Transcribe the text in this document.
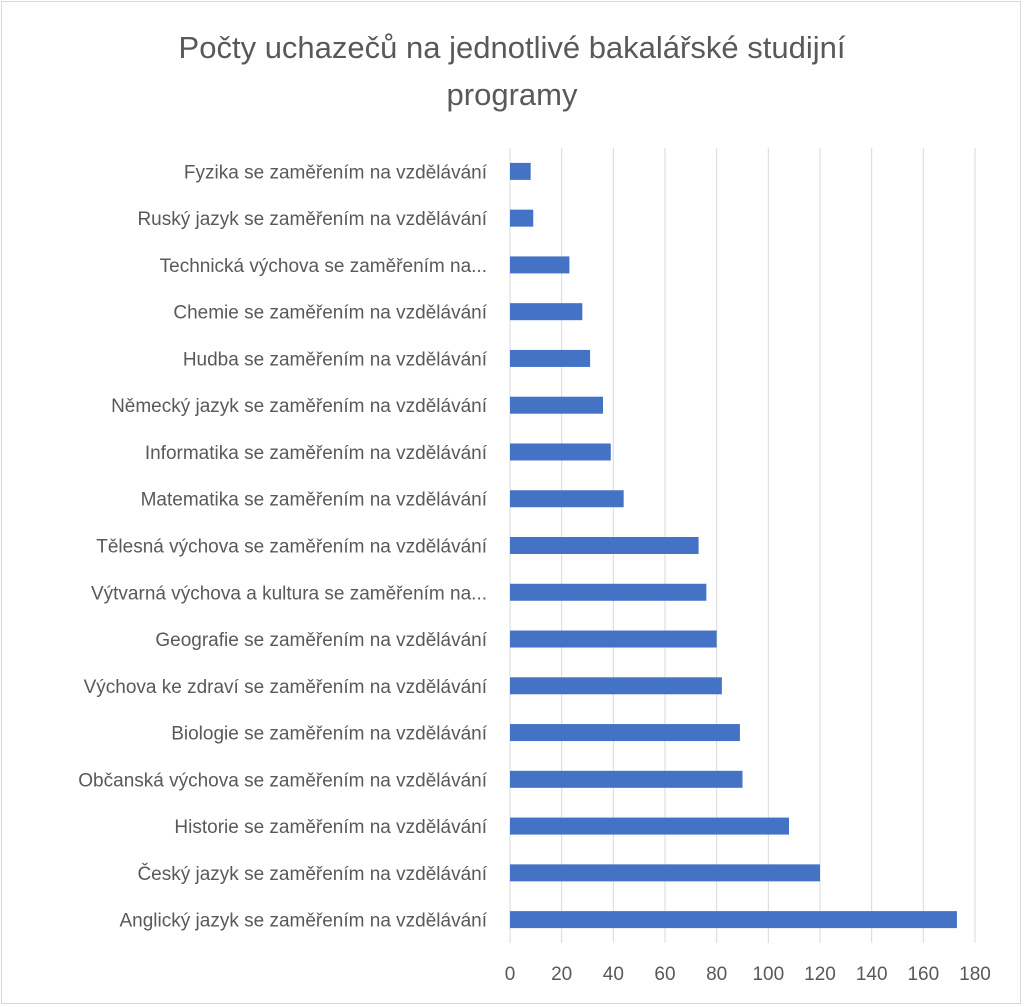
Počty uchazečů na jednotlivé bakalářské studijní programy
Fyzika se zaměřením na vzdělávání
Ruský jazyk se zaměřením na vzdělávání
Technická výchova se zaměřením na...
Chemie se zaměřením na vzdělávání
Hudba se zaměřením na vzdělávání
Německý jazyk se zaměřením na vzdělávání
Informatika se zaměřením na vzdělávání
Matematika se zaměřením na vzdělávání
Tělesná výchova se zaměřením na vzdělávání
Výtvarná výchova a kultura se zaměřením na...
Geografie se zaměřením na vzdělávání
Výchova ke zdraví se zaměřením na vzdělávání
Biologie se zaměřením na vzdělávání
Občanská výchova se zaměřením na vzdělávání
Historie se zaměřením na vzdělávání
Český jazyk se zaměřením na vzdělávání
Anglický jazyk se zaměřením na vzdělávání
0 20 40 60 80 100 120 140 160 180
